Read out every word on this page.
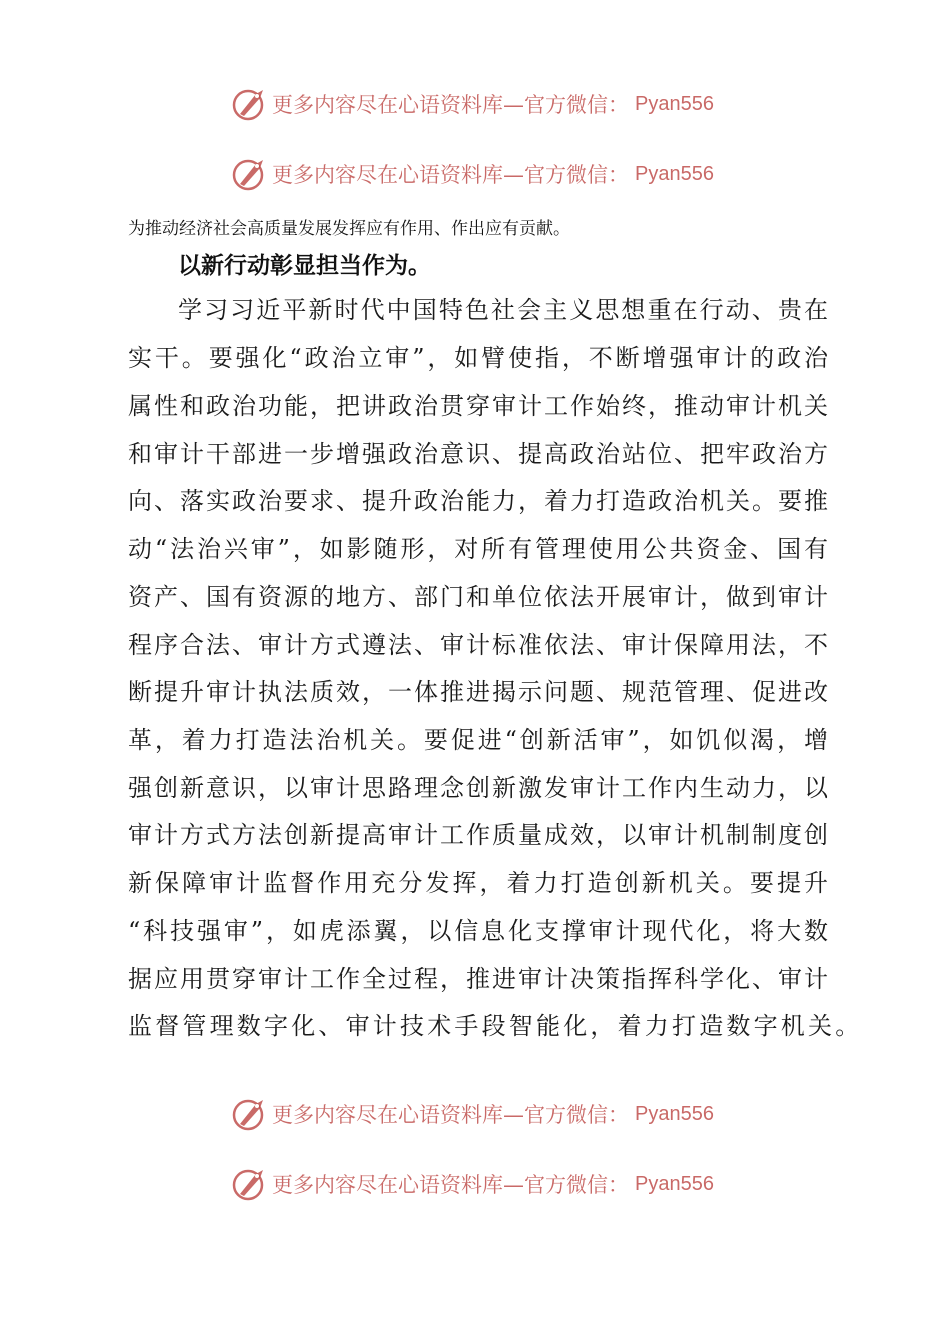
更多内容尽在心语资料库 —官方微信： Pyan556
更多内容尽在心语资料库 —官方微信： Pyan556
为推动经济社会高质量发展发挥应有作用、作出应有贡献。
以新行动彰显担当作为。
学习习近平新时代中国特色社会主义思想重在行动、贵在
实干。要强化“政治立审”，如臂使指，不断增强审计的政治
属性和政治功能，把讲政治贯穿审计工作始终，推动审计机关
和审计干部进一步增强政治意识、提高政治站位、把牢政治方
向、落实政治要求、提升政治能力，着力打造政治机关。要推
动“法治兴审”，如影随形，对所有管理使用公共资金、国有
资产、国有资源的地方、部门和单位依法开展审计，做到审计
程序合法、审计方式遵法、审计标准依法、审计保障用法，不
断提升审计执法质效，一体推进揭示问题、规范管理、促进改
革，着力打造法治机关。要促进“创新活审”，如饥似渴，增
强创新意识，以审计思路理念创新激发审计工作内生动力，以
审计方式方法创新提高审计工作质量成效，以审计机制制度创
新保障审计监督作用充分发挥，着力打造创新机关。要提升
“科技强审”，如虎添翼，以信息化支撑审计现代化，将大数
据应用贯穿审计工作全过程，推进审计决策指挥科学化、审计
监督管理数字化、审计技术手段智能化，着力打造数字机关。
更多内容尽在心语资料库 —官方微信： Pyan556
更多内容尽在心语资料库 —官方微信： Pyan556
